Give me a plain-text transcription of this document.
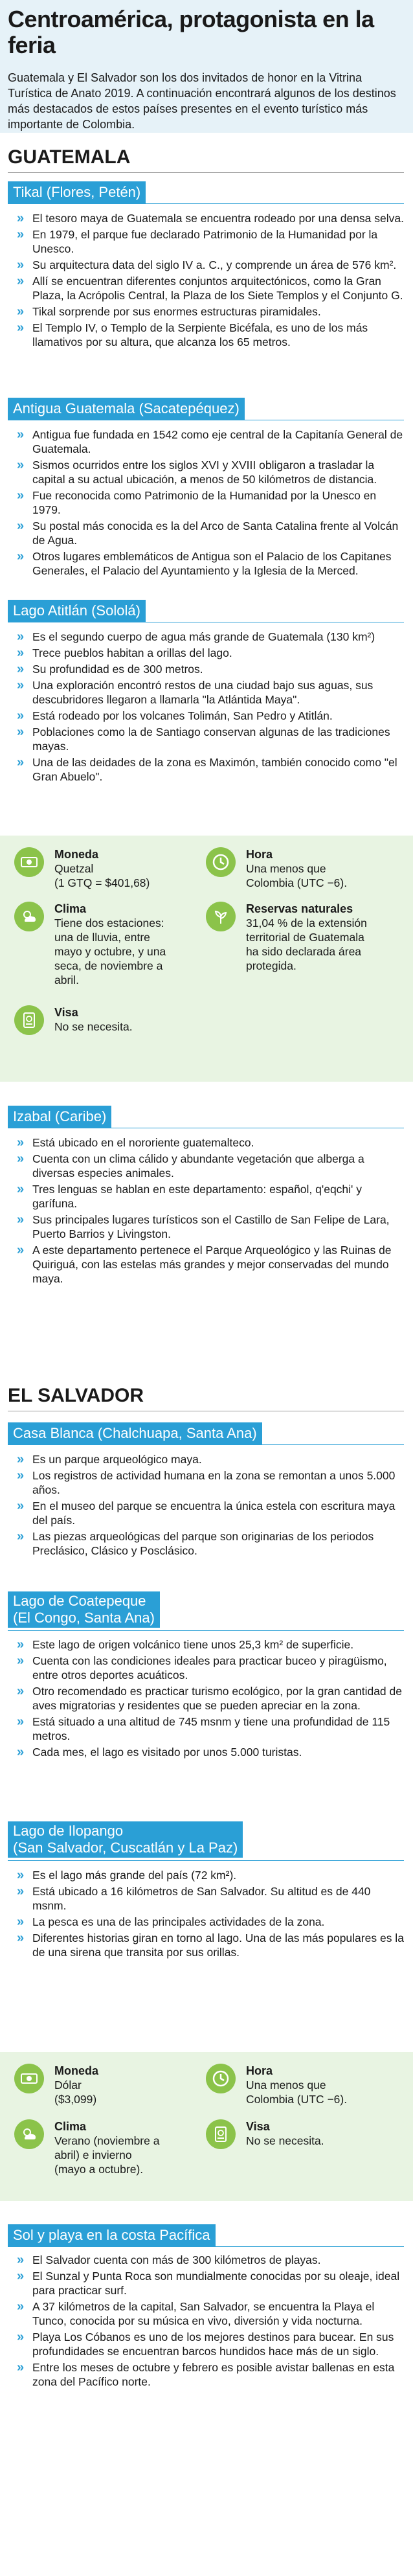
Centroamérica, protagonista en la feria
Guatemala y El Salvador son los dos invitados de honor en la Vitrina Turística de Anato 2019. A continuación encontrará algunos de los destinos más destacados de estos países presentes en el evento turístico más importante de Colombia.
GUATEMALA
Tikal (Flores, Petén)
» El tesoro maya de Guatemala se encuentra rodeado por una densa selva.
» En 1979, el parque fue declarado Patrimonio de la Humanidad por la Unesco.
» Su arquitectura data del siglo IV a. C., y comprende un área de 576 km².
» Allí se encuentran diferentes conjuntos arquitectónicos, como la Gran Plaza, la Acrópolis Central, la Plaza de los Siete Templos y el Conjunto G.
» Tikal sorprende por sus enormes estructuras piramidales.
» El Templo IV, o Templo de la Serpiente Bicéfala, es uno de los más llamativos por su altura, que alcanza los 65 metros.
Antigua Guatemala (Sacatepéquez)
» Antigua fue fundada en 1542 como eje central de la Capitanía General de Guatemala.
» Sismos ocurridos entre los siglos XVI y XVIII obligaron a trasladar la capital a su actual ubicación, a menos de 50 kilómetros de distancia.
» Fue reconocida como Patrimonio de la Humanidad por la Unesco en 1979.
» Su postal más conocida es la del Arco de Santa Catalina frente al Volcán de Agua.
» Otros lugares emblemáticos de Antigua son el Palacio de los Capitanes Generales, el Palacio del Ayuntamiento y la Iglesia de la Merced.
Lago Atitlán (Sololá)
» Es el segundo cuerpo de agua más grande de Guatemala (130 km²)
» Trece pueblos habitan a orillas del lago.
» Su profundidad es de 300 metros.
» Una exploración encontró restos de una ciudad bajo sus aguas, sus descubridores llegaron a llamarla "la Atlántida Maya".
» Está rodeado por los volcanes Tolimán, San Pedro y Atitlán.
» Poblaciones como la de Santiago conservan algunas de las tradiciones mayas.
» Una de las deidades de la zona es Maximón, también conocido como "el Gran Abuelo".
Moneda
Quetzal
(1 GTQ = $401,68)
Hora
Una menos que
Colombia (UTC −6).
Clima
Tiene dos estaciones:
una de lluvia, entre
mayo y octubre, y una
seca, de noviembre a
abril.
Reservas naturales
31,04 % de la extensión
territorial de Guatemala
ha sido declarada área
protegida.
Visa
No se necesita.
Izabal (Caribe)
» Está ubicado en el nororiente guatemalteco.
» Cuenta con un clima cálido y abundante vegetación que alberga a diversas especies animales.
» Tres lenguas se hablan en este departamento: español, q'eqchi' y garífuna.
» Sus principales lugares turísticos son el Castillo de San Felipe de Lara, Puerto Barrios y Livingston.
» A este departamento pertenece el Parque Arqueológico y las Ruinas de Quiriguá, con las estelas más grandes y mejor conservadas del mundo maya.
EL SALVADOR
Casa Blanca (Chalchuapa, Santa Ana)
» Es un parque arqueológico maya.
» Los registros de actividad humana en la zona se remontan a unos 5.000 años.
» En el museo del parque se encuentra la única estela con escritura maya del país.
» Las piezas arqueológicas del parque son originarias de los periodos Preclásico, Clásico y Posclásico.
Lago de Coatepeque
(El Congo, Santa Ana)
» Este lago de origen volcánico tiene unos 25,3 km² de superficie.
» Cuenta con las condiciones ideales para practicar buceo y piragüismo, entre otros deportes acuáticos.
» Otro recomendado es practicar turismo ecológico, por la gran cantidad de aves migratorias y residentes que se pueden apreciar en la zona.
» Está situado a una altitud de 745 msnm y tiene una profundidad de 115 metros.
» Cada mes, el lago es visitado por unos 5.000 turistas.
Lago de Ilopango
(San Salvador, Cuscatlán y La Paz)
» Es el lago más grande del país (72 km²).
» Está ubicado a 16 kilómetros de San Salvador. Su altitud es de 440 msnm.
» La pesca es una de las principales actividades de la zona.
» Diferentes historias giran en torno al lago. Una de las más populares es la de una sirena que transita por sus orillas.
Moneda
Dólar
($3,099)
Hora
Una menos que
Colombia (UTC −6).
Clima
Verano (noviembre a
abril) e invierno
(mayo a octubre).
Visa
No se necesita.
Sol y playa en la costa Pacífica
» El Salvador cuenta con más de 300 kilómetros de playas.
» El Sunzal y Punta Roca son mundialmente conocidas por su oleaje, ideal para practicar surf.
» A 37 kilómetros de la capital, San Salvador, se encuentra la Playa el Tunco, conocida por su música en vivo, diversión y vida nocturna.
» Playa Los Cóbanos es uno de los mejores destinos para bucear. En sus profundidades se encuentran barcos hundidos hace más de un siglo.
» Entre los meses de octubre y febrero es posible avistar ballenas en esta zona del Pacífico norte.
